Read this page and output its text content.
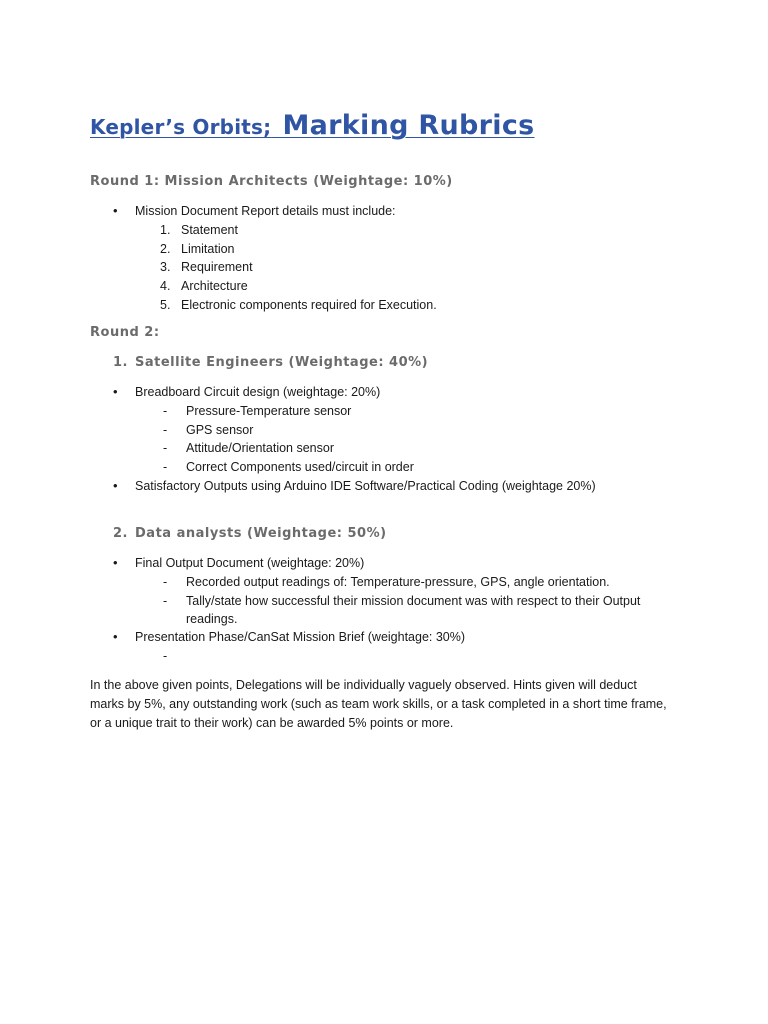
Kepler’s Orbits; Marking Rubrics
Round 1: Mission Architects (Weightage: 10%)
• Mission Document Report details must include:
1. Statement
2. Limitation
3. Requirement
4. Architecture
5. Electronic components required for Execution.
Round 2:
1. Satellite Engineers (Weightage: 40%)
• Breadboard Circuit design (weightage: 20%)
- Pressure-Temperature sensor
- GPS sensor
- Attitude/Orientation sensor
- Correct Components used/circuit in order
• Satisfactory Outputs using Arduino IDE Software/Practical Coding (weightage 20%)
2. Data analysts (Weightage: 50%)
• Final Output Document (weightage: 20%)
- Recorded output readings of: Temperature-pressure, GPS, angle orientation.
- Tally/state how successful their mission document was with respect to their Output
readings.
• Presentation Phase/CanSat Mission Brief (weightage: 30%)
-

In the above given points, Delegations will be individually vaguely observed. Hints given will deduct
marks by 5%, any outstanding work (such as team work skills, or a task completed in a short time frame,
or a unique trait to their work) can be awarded 5% points or more.
